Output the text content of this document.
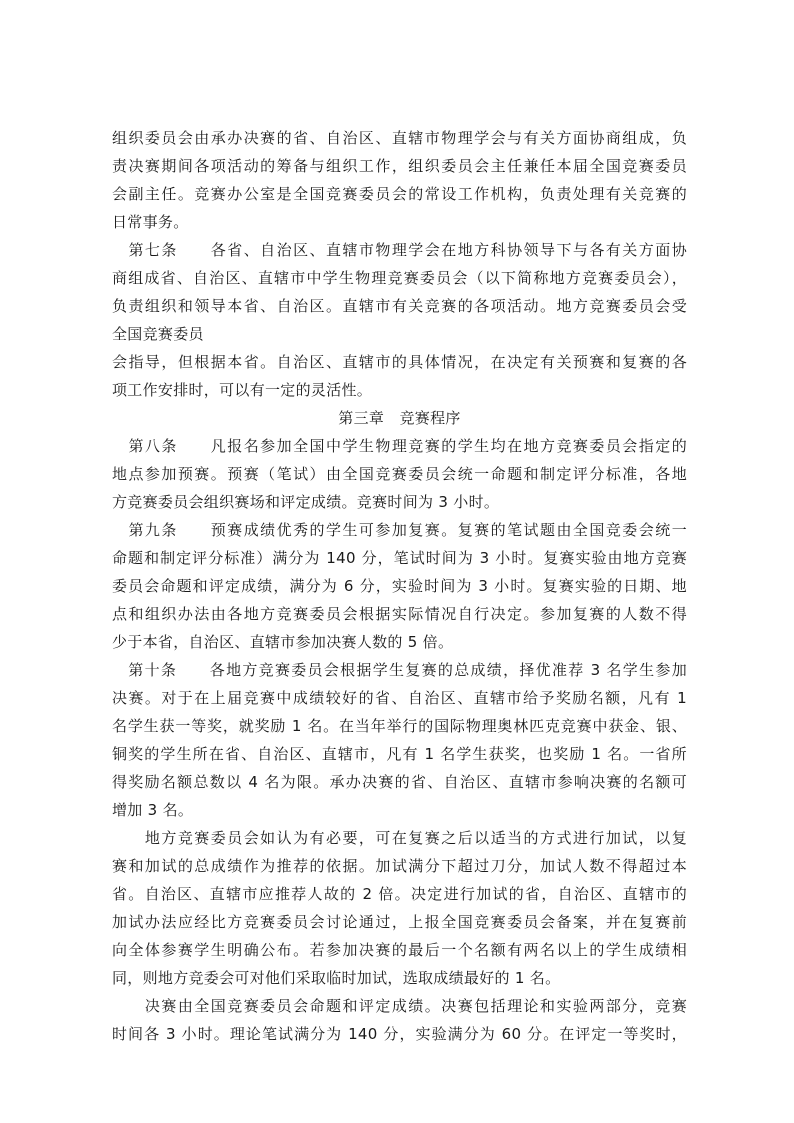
组织委员会由承办决赛的省、自治区、直辖市物理学会与有关方面协商组成，负
责决赛期间各项活动的筹备与组织工作，组织委员会主任兼任本届全国竞赛委员
会副主任。竞赛办公室是全国竞赛委员会的常设工作机构，负责处理有关竞赛的
日常事务。
　第七条　　各省、自治区、直辖市物理学会在地方科协领导下与各有关方面协
商组成省、自治区、直辖市中学生物理竞赛委员会（以下简称地方竞赛委员会），
负责组织和领导本省、自治区。直辖市有关竞赛的各项活动。地方竞赛委员会受
全国竞赛委员
会指导，但根据本省。自治区、直辖市的具体情况，在决定有关预赛和复赛的各
项工作安排时，可以有一定的灵活性。
第三章　竞赛程序
　第八条　　凡报名参加全国中学生物理竞赛的学生均在地方竞赛委员会指定的
地点参加预赛。预赛（笔试）由全国竞赛委员会统一命题和制定评分标准，各地
方竞赛委员会组织赛场和评定成绩。竞赛时间为 3 小时。
　第九条　　预赛成绩优秀的学生可参加复赛。复赛的笔试题由全国竞委会统一
命题和制定评分标准）满分为 140 分，笔试时间为 3 小时。复赛实验由地方竞赛
委员会命题和评定成绩，满分为 6 分，实验时间为 3 小时。复赛实验的日期、地
点和组织办法由各地方竞赛委员会根据实际情况自行决定。参加复赛的人数不得
少于本省，自治区、直辖市参加决赛人数的 5 倍。
　第十条　　各地方竞赛委员会根据学生复赛的总成绩，择优准荐 3 名学生参加
决赛。对于在上届竞赛中成绩较好的省、自治区、直辖市给予奖励名额，凡有 1
名学生获一等奖，就奖励 1 名。在当年举行的国际物理奥林匹克竞赛中获金、银、
铜奖的学生所在省、自治区、直辖市，凡有 1 名学生获奖，也奖励 1 名。一省所
得奖励名额总数以 4 名为限。承办决赛的省、自治区、直辖市参响决赛的名额可
增加 3 名。
　　地方竞赛委员会如认为有必要，可在复赛之后以适当的方式进行加试，以复
赛和加试的总成绩作为推荐的依据。加试满分下超过刀分，加试人数不得超过本
省。自治区、直辖市应推荐人故的 2 倍。决定进行加试的省，自治区、直辖市的
加试办法应经比方竞赛委员会讨论通过，上报全国竞赛委员会备案，并在复赛前
向全体参赛学生明确公布。若参加决赛的最后一个名额有两名以上的学生成绩相
同，则地方竞委会可对他们采取临时加试，选取成绩最好的 1 名。
　　决赛由全国竞赛委员会命题和评定成绩。决赛包括理论和实验两部分，竞赛
时间各 3 小时。理论笔试满分为 140 分，实验满分为 60 分。在评定一等奖时，
